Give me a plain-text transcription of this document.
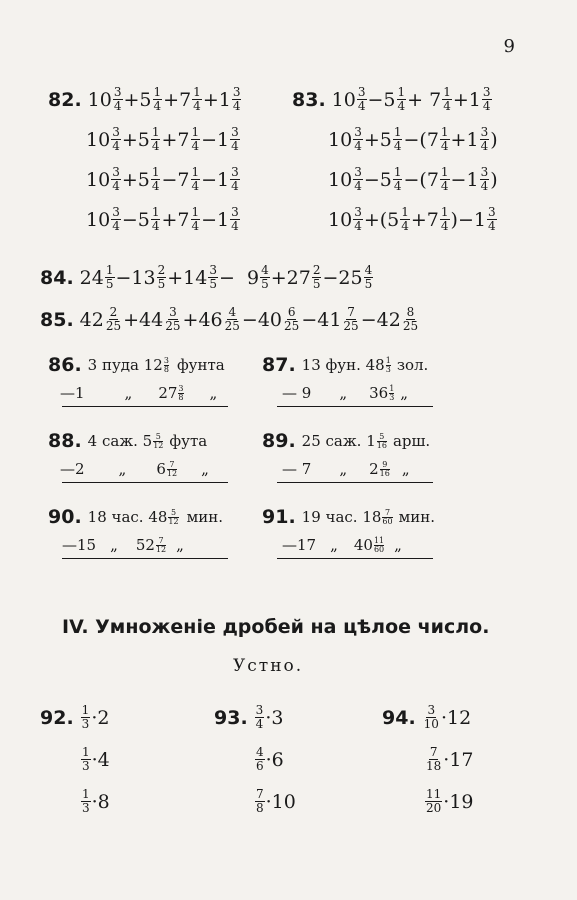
9
82. $10 \frac{3}{4} +5 \frac{1}{4} +7 \frac{1}{4} +1 \frac{3}{4}$	83. $10 \frac{3}{4} -5 \frac{1}{4} + 7 \frac{1}{4} +1 \frac{3}{4}$
$10 \frac{3}{4} +5 \frac{1}{4} +7 \frac{1}{4} -1 \frac{3}{4}$	$10 \frac{3}{4} +5 \frac{1}{4} -(7 \frac{1}{4} +1 \frac{3}{4}$ )
$10 \frac{3}{4} +5 \frac{1}{4} -7 \frac{1}{4} -1 \frac{3}{4}$	$10 \frac{3}{4} -5 \frac{1}{4} -(7 \frac{1}{4} -1 \frac{3}{4}$ )
$10 \frac{3}{4} -5 \frac{1}{4} +7 \frac{1}{4} -1 \frac{3}{4}$	$10 \frac{3}{4} +(5 \frac{1}{4} +7 \frac{1}{4} )-1 \frac{3}{4}$
84. $24 \frac{1}{5} -13 \frac{2}{5} +14 \frac{3}{5} - 9 \frac{4}{5} +27 \frac{2}{5} -25 \frac{4}{5}$
85. $42 \frac{2}{25} +44 \frac{3}{25} +46 \frac{4}{25} -40 \frac{6}{25} -41 \frac{7}{25} -42 \frac{8}{25}$
86. 3 пуда 12 3
8 фунта
—1	„ 27 3
8 „
87. 13 фун. 48 1
3 зол.
— 9 „ 36 1
3 „
88. 4 саж. 5 5
12 фута
—2 „ 6 7
12 „
89. 25 саж. 1 5
16 арш.
— 7 „ 2 9
16 „
90. 18 час. 48 5
12 мин.
—15 „ 52 7
12 „
91. 19 час. 18 7
60 мин.
—17 „ 40 11
60 „
IV. Умноженіе дробей на цѣлое число.
Устно.
92. $\frac{1}{3} \cdot 2$
$\frac{1}{3} \cdot 4$
$\frac{1}{3} \cdot 8$
93. $\frac{3}{4} \cdot 3$
$\frac{4}{6} \cdot 6$
$\frac{7}{8} \cdot 10$
94. $\frac{3}{10} \cdot 12$
$\frac{7}{18} \cdot 17$
$\frac{11}{20} \cdot 19$
